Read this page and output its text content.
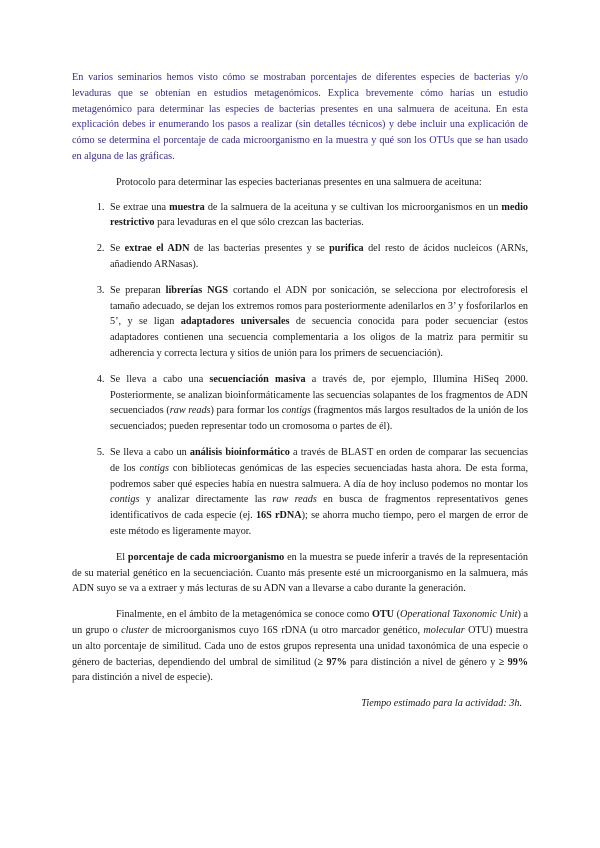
En varios seminarios hemos visto cómo se mostraban porcentajes de diferentes especies de bacterias y/o levaduras que se obtenían en estudios metagenómicos. Explica brevemente cómo harías un estudio metagenómico para determinar las especies de bacterias presentes en una salmuera de aceituna. En esta explicación debes ir enumerando los pasos a realizar (sin detalles técnicos) y debe incluir una explicación de cómo se determina el porcentaje de cada microorganismo en la muestra y qué son los OTUs que se han usado en alguna de las gráficas.

Protocolo para determinar las especies bacterianas presentes en una salmuera de aceituna:

1. Se extrae una muestra de la salmuera de la aceituna y se cultivan los microorganismos en un medio restrictivo para levaduras en el que sólo crezcan las bacterias.
2. Se extrae el ADN de las bacterias presentes y se purifica del resto de ácidos nucleicos (ARNs, añadiendo ARNasas).
3. Se preparan librerías NGS cortando el ADN por sonicación, se selecciona por electroforesis el tamaño adecuado, se dejan los extremos romos para posteriormente adenilarlos en 3’ y fosforilarlos en 5’, y se ligan adaptadores universales de secuencia conocida para poder secuenciar (estos adaptadores contienen una secuencia complementaria a los oligos de la matriz para permitir su adherencia y correcta lectura y sitios de unión para los primers de secuenciación).
4. Se lleva a cabo una secuenciación masiva a través de, por ejemplo, Illumina HiSeq 2000. Posteriormente, se analizan bioinformáticamente las secuencias solapantes de los fragmentos de ADN secuenciados (raw reads) para formar los contigs (fragmentos más largos resultados de la unión de los secuenciados; pueden representar todo un cromosoma o partes de él).
5. Se lleva a cabo un análisis bioinformático a través de BLAST en orden de comparar las secuencias de los contigs con bibliotecas genómicas de las especies secuenciadas hasta ahora. De esta forma, podremos saber qué especies había en nuestra salmuera. A día de hoy incluso podemos no montar los contigs y analizar directamente las raw reads en busca de fragmentos representativos genes identificativos de cada especie (ej. 16S rDNA); se ahorra mucho tiempo, pero el margen de error de este método es ligeramente mayor.

El porcentaje de cada microorganismo en la muestra se puede inferir a través de la representación de su material genético en la secuenciación. Cuanto más presente esté un microorganismo en la salmuera, más ADN suyo se va a extraer y más lecturas de su ADN van a llevarse a cabo durante la generación.

Finalmente, en el ámbito de la metagenómica se conoce como OTU (Operational Taxonomic Unit) a un grupo o cluster de microorganismos cuyo 16S rDNA (u otro marcador genético, molecular OTU) muestra un alto porcentaje de similitud. Cada uno de estos grupos representa una unidad taxonómica de una especie o género de bacterias, dependiendo del umbral de similitud (≥ 97% para distinción a nivel de género y ≥ 99% para distinción a nivel de especie).

Tiempo estimado para la actividad: 3h.
